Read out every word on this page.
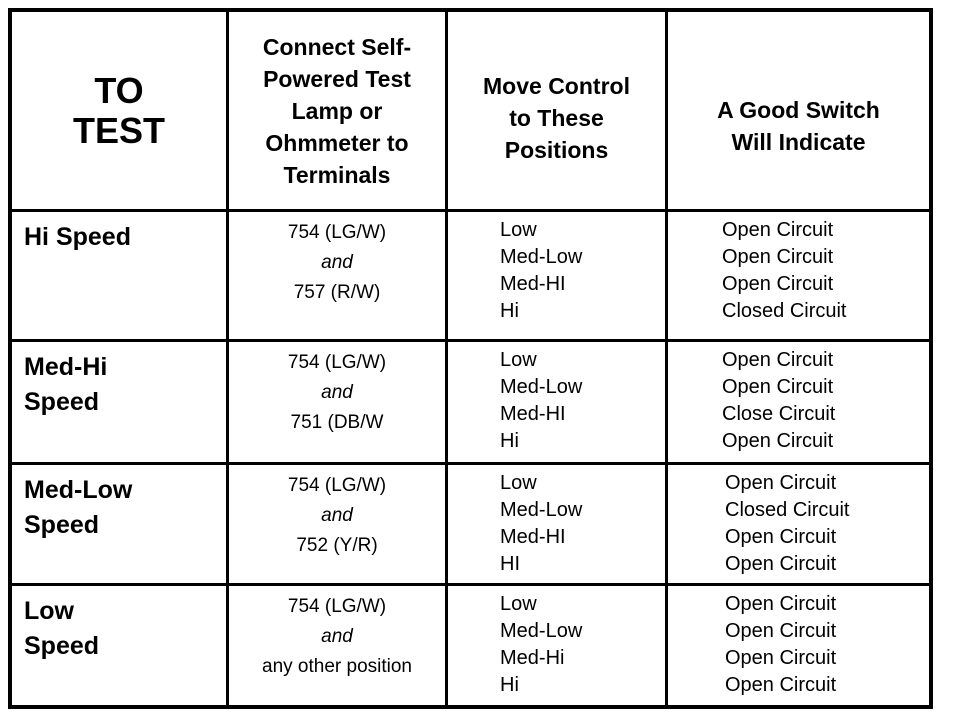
TO
TEST
Connect Self-
Powered Test
Lamp or
Ohmmeter to
Terminals
Move Control
to These
Positions
A Good Switch
Will Indicate
Hi Speed	754 (LG/W)
and
757 (R/W)
Low
Med-Low
Med-HI
Hi
Open Circuit
Open Circuit
Open Circuit
Closed Circuit
Med-Hi
Speed
754 (LG/W)
and
751 (DB/W
Low
Med-Low
Med-HI
Hi
Open Circuit
Open Circuit
Close Circuit
Open Circuit
Med-Low
Speed
754 (LG/W)
and
752 (Y/R)
Low
Med-Low
Med-HI
HI
Open Circuit
Closed Circuit
Open Circuit
Open Circuit
Low
Speed
754 (LG/W)
and
any other position
Low
Med-Low
Med-Hi
Hi
Open Circuit
Open Circuit
Open Circuit
Open Circuit
